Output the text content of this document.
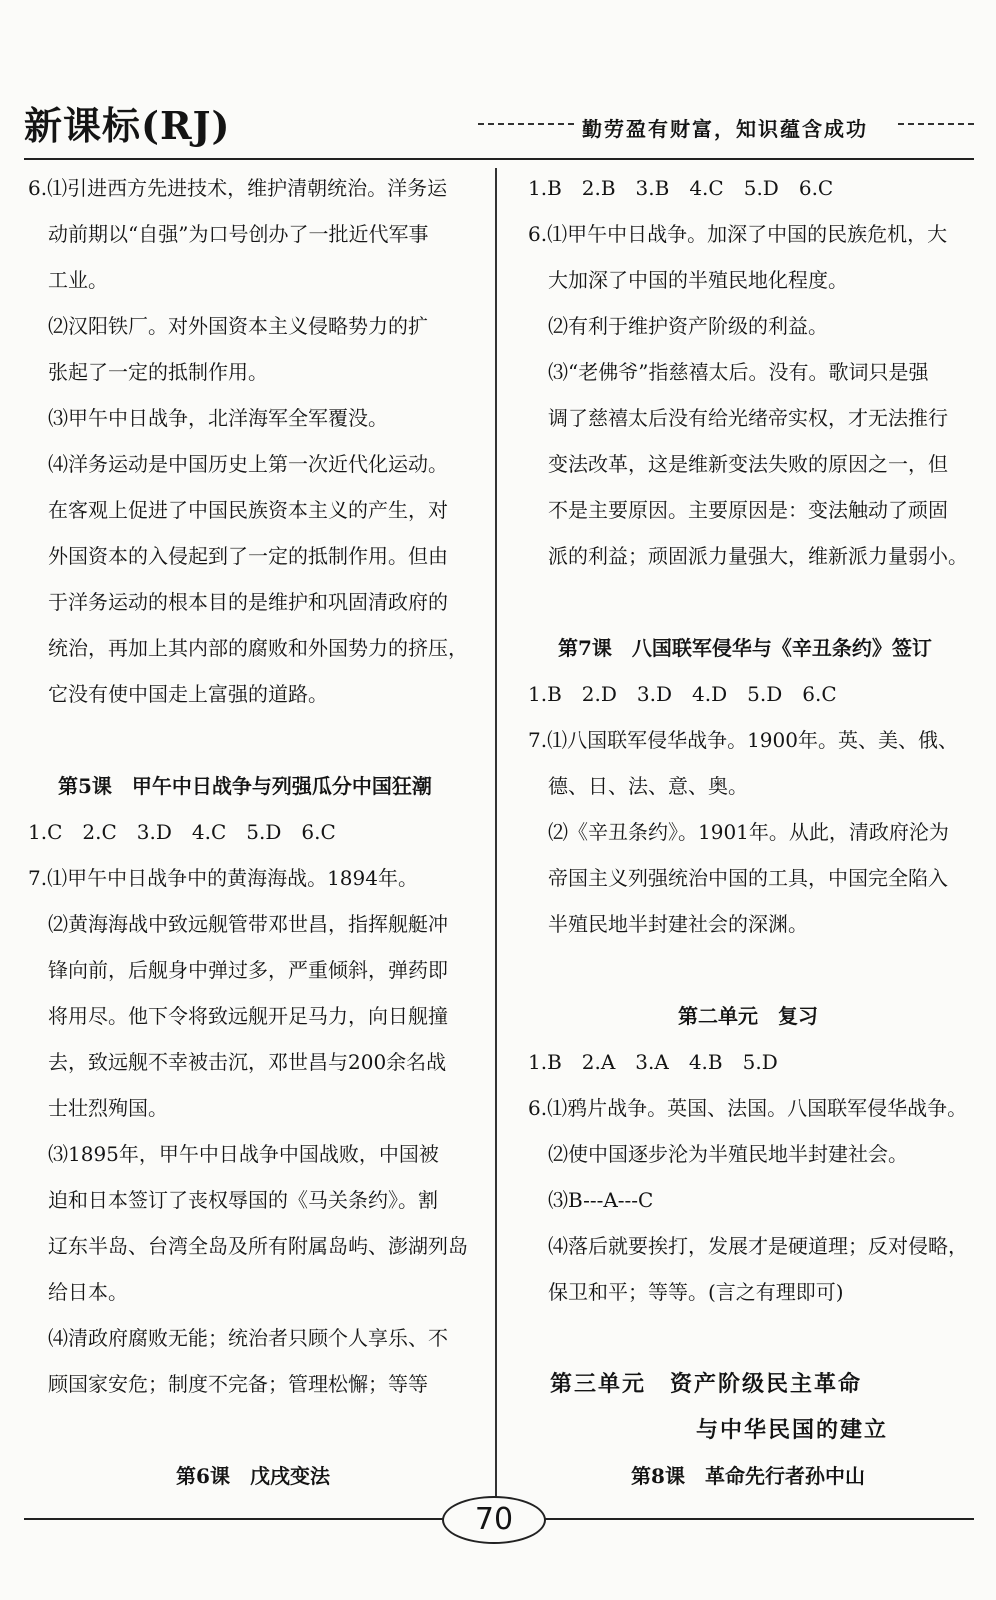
新课标(RJ)	勤劳盈有财富，知识蕴含成功
6.⑴引进西方先进技术，维护清朝统治。洋务运
动前期以“自强”为口号创办了一批近代军事
工业。
⑵汉阳铁厂。对外国资本主义侵略势力的扩
张起了一定的抵制作用。
⑶甲午中日战争，北洋海军全军覆没。
⑷洋务运动是中国历史上第一次近代化运动。
在客观上促进了中国民族资本主义的产生，对
外国资本的入侵起到了一定的抵制作用。但由
于洋务运动的根本目的是维护和巩固清政府的
统治，再加上其内部的腐败和外国势力的挤压，
它没有使中国走上富强的道路。
第5课　甲午中日战争与列强瓜分中国狂潮
1.C　2.C　3.D　4.C　5.D　6.C
7.⑴甲午中日战争中的黄海海战。1894年。
⑵黄海海战中致远舰管带邓世昌，指挥舰艇冲
锋向前，后舰身中弹过多，严重倾斜，弹药即
将用尽。他下令将致远舰开足马力，向日舰撞
去，致远舰不幸被击沉，邓世昌与200余名战
士壮烈殉国。
⑶1895年，甲午中日战争中国战败，中国被
迫和日本签订了丧权辱国的《马关条约》。割
辽东半岛、台湾全岛及所有附属岛屿、澎湖列岛
给日本。
⑷清政府腐败无能；统治者只顾个人享乐、不
顾国家安危；制度不完备；管理松懈；等等
第6课　戊戌变法
1.B　2.B　3.B　4.C　5.D　6.C
6.⑴甲午中日战争。加深了中国的民族危机，大
大加深了中国的半殖民地化程度。
⑵有利于维护资产阶级的利益。
⑶“老佛爷”指慈禧太后。没有。歌词只是强
调了慈禧太后没有给光绪帝实权，才无法推行
变法改革，这是维新变法失败的原因之一，但
不是主要原因。主要原因是：变法触动了顽固
派的利益；顽固派力量强大，维新派力量弱小。
第7课　八国联军侵华与《辛丑条约》签订
1.B　2.D　3.D　4.D　5.D　6.C
7.⑴八国联军侵华战争。1900年。英、美、俄、
德、日、法、意、奥。
⑵《辛丑条约》。1901年。从此，清政府沦为
帝国主义列强统治中国的工具，中国完全陷入
半殖民地半封建社会的深渊。
第二单元　复习
1.B　2.A　3.A　4.B　5.D
6.⑴鸦片战争。英国、法国。八国联军侵华战争。
⑵使中国逐步沦为半殖民地半封建社会。
⑶B---A---C
⑷落后就要挨打，发展才是硬道理；反对侵略，
保卫和平；等等。(言之有理即可)
第三单元　资产阶级民主革命
与中华民国的建立
第8课　革命先行者孙中山
70
